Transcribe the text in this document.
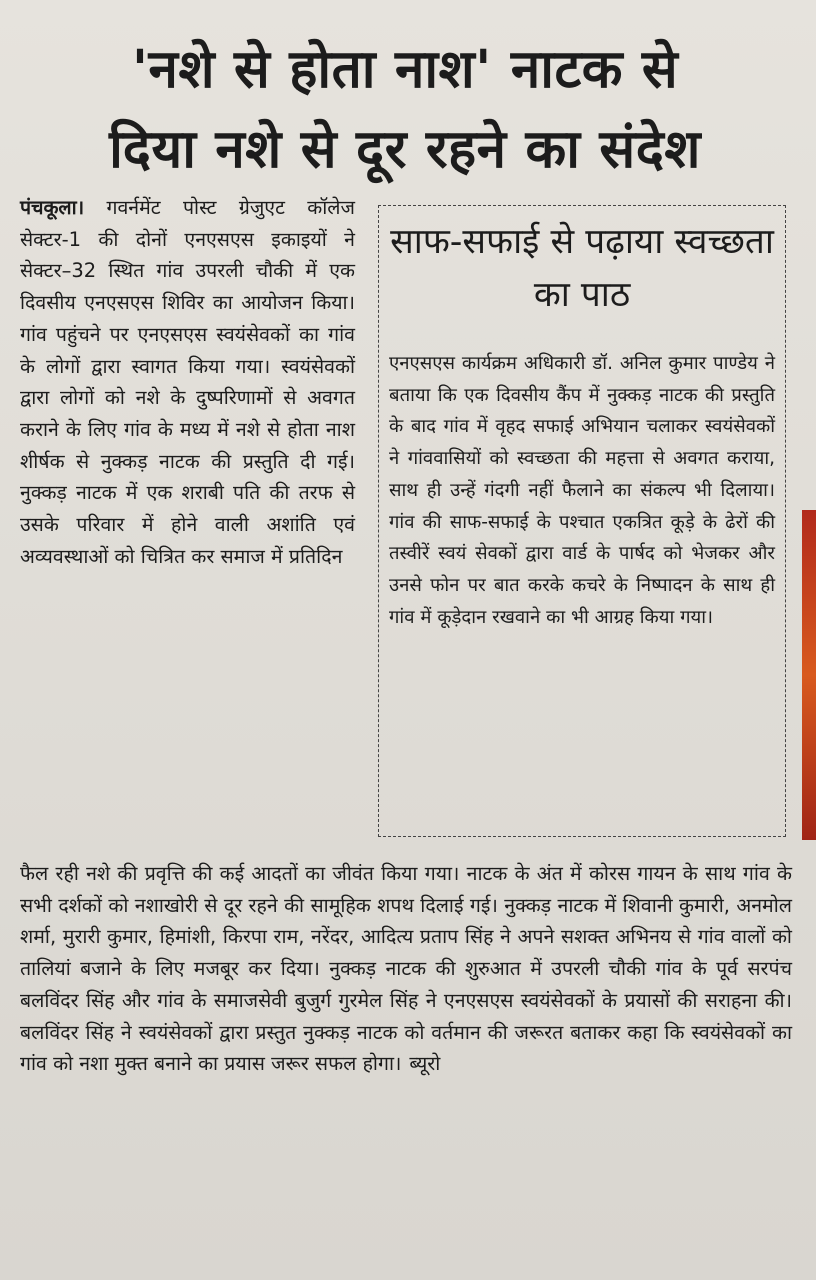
'नशे से होता नाश' नाटक से
दिया नशे से दूर रहने का संदेश

पंचकूला। गवर्नमेंट पोस्ट ग्रेजुएट कॉलेज सेक्टर-1 की दोनों एनएसएस इकाइयों ने सेक्टर–32 स्थित गांव उपरली चौकी में एक दिवसीय एनएसएस शिविर का आयोजन किया। गांव पहुंचने पर एनएसएस स्वयंसेवकों का गांव के लोगों द्वारा स्वागत किया गया। स्वयंसेवकों द्वारा लोगों को नशे के दुष्परिणामों से अवगत कराने के लिए गांव के मध्य में नशे से होता नाश शीर्षक से नुक्कड़ नाटक की प्रस्तुति दी गई। नुक्कड़ नाटक में एक शराबी पति की तरफ से उसके परिवार में होने वाली अशांति एवं अव्यवस्थाओं को चित्रित कर समाज में प्रतिदिन

साफ-सफाई से पढ़ाया स्वच्छता का पाठ

एनएसएस कार्यक्रम अधिकारी डॉ. अनिल कुमार पाण्डेय ने बताया कि एक दिवसीय कैंप में नुक्कड़ नाटक की प्रस्तुति के बाद गांव में वृहद सफाई अभियान चलाकर स्वयंसेवकों ने गांववासियों को स्वच्छता की महत्ता से अवगत कराया, साथ ही उन्हें गंदगी नहीं फैलाने का संकल्प भी दिलाया। गांव की साफ-सफाई के पश्चात एकत्रित कूड़े के ढेरों की तस्वीरें स्वयं सेवकों द्वारा वार्ड के पार्षद को भेजकर और उनसे फोन पर बात करके कचरे के निष्पादन के साथ ही गांव में कूड़ेदान रखवाने का भी आग्रह किया गया।

फैल रही नशे की प्रवृत्ति की कई आदतों का जीवंत किया गया। नाटक के अंत में कोरस गायन के साथ गांव के सभी दर्शकों को नशाखोरी से दूर रहने की सामूहिक शपथ दिलाई गई। नुक्कड़ नाटक में शिवानी कुमारी, अनमोल शर्मा, मुरारी कुमार, हिमांशी, किरपा राम, नरेंदर, आदित्य प्रताप सिंह ने अपने सशक्त अभिनय से गांव वालों को तालियां बजाने के लिए मजबूर कर दिया। नुक्कड़ नाटक की शुरुआत में उपरली चौकी गांव के पूर्व सरपंच बलविंदर सिंह और गांव के समाजसेवी बुजुर्ग गुरमेल सिंह ने एनएसएस स्वयंसेवकों के प्रयासों की सराहना की। बलविंदर सिंह ने स्वयंसेवकों द्वारा प्रस्तुत नुक्कड़ नाटक को वर्तमान की जरूरत बताकर कहा कि स्वयंसेवकों का गांव को नशा मुक्त बनाने का प्रयास जरूर सफल होगा। ब्यूरो
